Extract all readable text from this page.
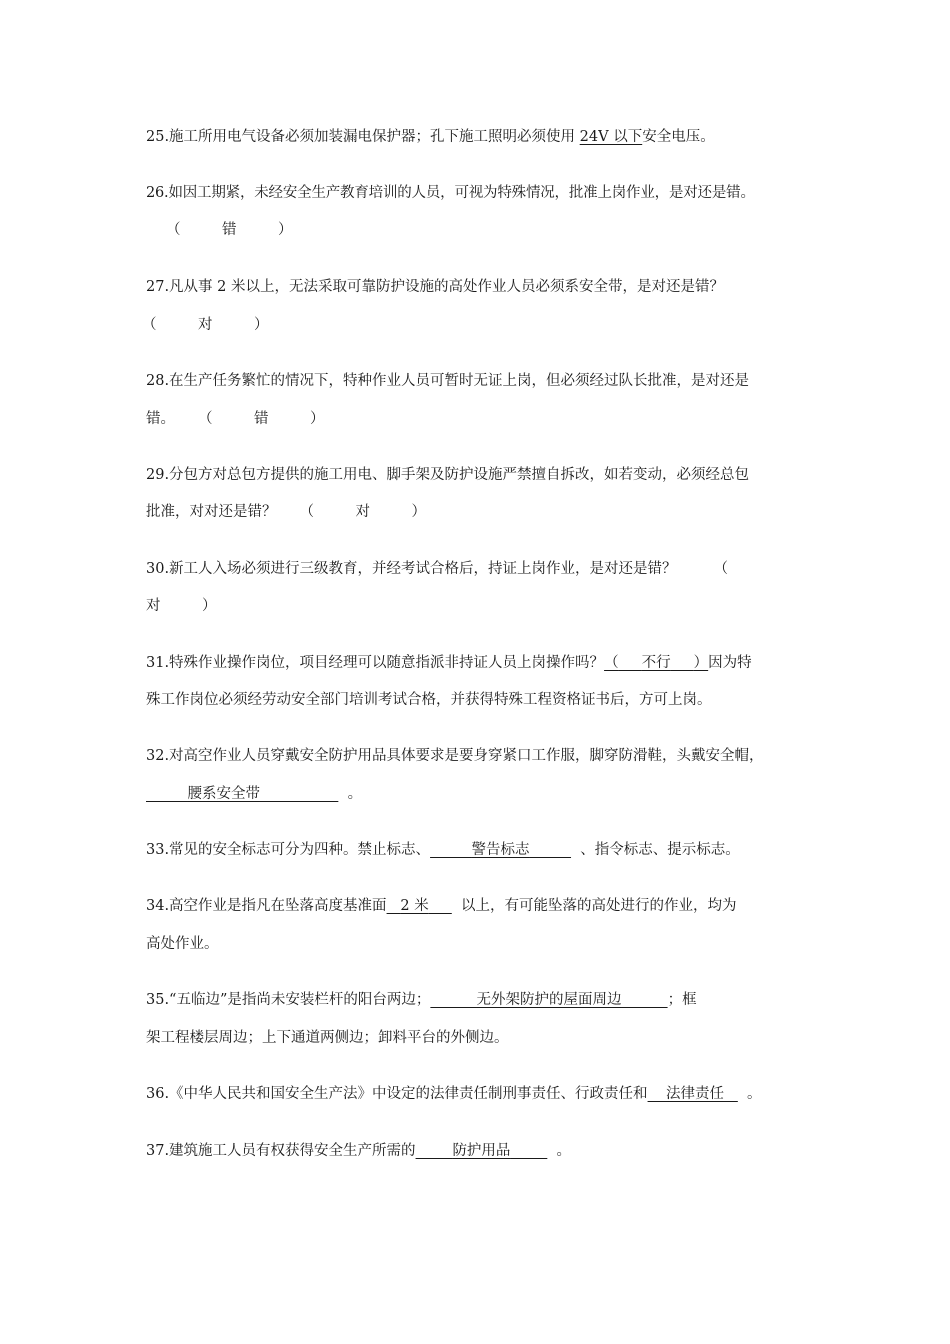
25.施工所用电气设备必须加装漏电保护器；孔下施工照明必须使用 24V 以下安全电压。
26.如因工期紧，未经安全生产教育培训的人员，可视为特殊情况，批准上岗作业，是对还是错。
（	错	）
27.凡从事 2 米以上，无法采取可靠防护设施的高处作业人员必须系安全带，是对还是错？
（	对	）
28.在生产任务繁忙的情况下，特种作业人员可暂时无证上岗，但必须经过队长批准，是对还是
错。 （	错	）
29.分包方对总包方提供的施工用电、脚手架及防护设施严禁擅自拆改，如若变动，必须经总包
批准，对对还是错？ （	对	）
30.新工人入场必须进行三级教育，并经考试合格后，持证上岗作业，是对还是错？	（
对	）
31.特殊作业操作岗位，项目经理可以随意指派非持证人员上岗操作吗？（ 不行 ）因为特
殊工作岗位必须经劳动安全部门培训考试合格，并获得特殊工程资格证书后，方可上岗。
32.对高空作业人员穿戴安全防护用品具体要求是要身穿紧口工作服，脚穿防滑鞋，头戴安全帽，
腰系安全带	。
33.常见的安全标志可分为四种。禁止标志、	警告标志	、指令标志、提示标志。
34.高空作业是指凡在坠落高度基准面 2 米 以上，有可能坠落的高处进行的作业，均为
高处作业。
35.“五临边”是指尚未安装栏杆的阳台两边；	无外架防护的屋面周边	；框
架工程楼层周边；上下通道两侧边；卸料平台的外侧边。
36.《中华人民共和国安全生产法》中设定的法律责任制刑事责任、行政责任和 法律责任 。
37.建筑施工人员有权获得安全生产所需的	防护用品	。
